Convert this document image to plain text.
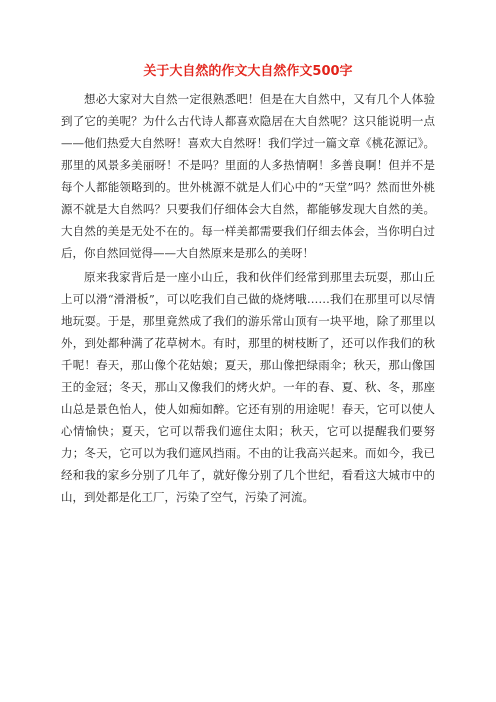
关于大自然的作文大自然作文500字

想必大家对大自然一定很熟悉吧！但是在大自然中，又有几个人体验到了它的美呢？为什么古代诗人都喜欢隐居在大自然呢？这只能说明一点——他们热爱大自然呀！喜欢大自然呀！我们学过一篇文章《桃花源记》。那里的风景多美丽呀！不是吗？里面的人多热情啊！多善良啊！但并不是每个人都能领略到的。世外桃源不就是人们心中的“天堂”吗？然而世外桃源不就是大自然吗？只要我们仔细体会大自然，都能够发现大自然的美。大自然的美是无处不在的。每一样美都需要我们仔细去体会，当你明白过后，你自然回觉得——大自然原来是那么的美呀！

原来我家背后是一座小山丘，我和伙伴们经常到那里去玩耍，那山丘上可以滑“滑滑板”，可以吃我们自己做的烧烤哦……我们在那里可以尽情地玩耍。于是，那里竟然成了我们的游乐常山顶有一块平地，除了那里以外，到处都种满了花草树木。有时，那里的树枝断了，还可以作我们的秋千呢！春天，那山像个花姑娘；夏天，那山像把绿雨伞；秋天，那山像国王的金冠；冬天，那山又像我们的烤火炉。一年的春、夏、秋、冬，那座山总是景色怡人，使人如痴如醉。它还有别的用途呢！春天，它可以使人心情愉快；夏天，它可以帮我们遮住太阳；秋天，它可以提醒我们要努力；冬天，它可以为我们遮风挡雨。不由的让我高兴起来。而如今，我已经和我的家乡分别了几年了，就好像分别了几个世纪，看看这大城市中的山，到处都是化工厂，污染了空气，污染了河流。
